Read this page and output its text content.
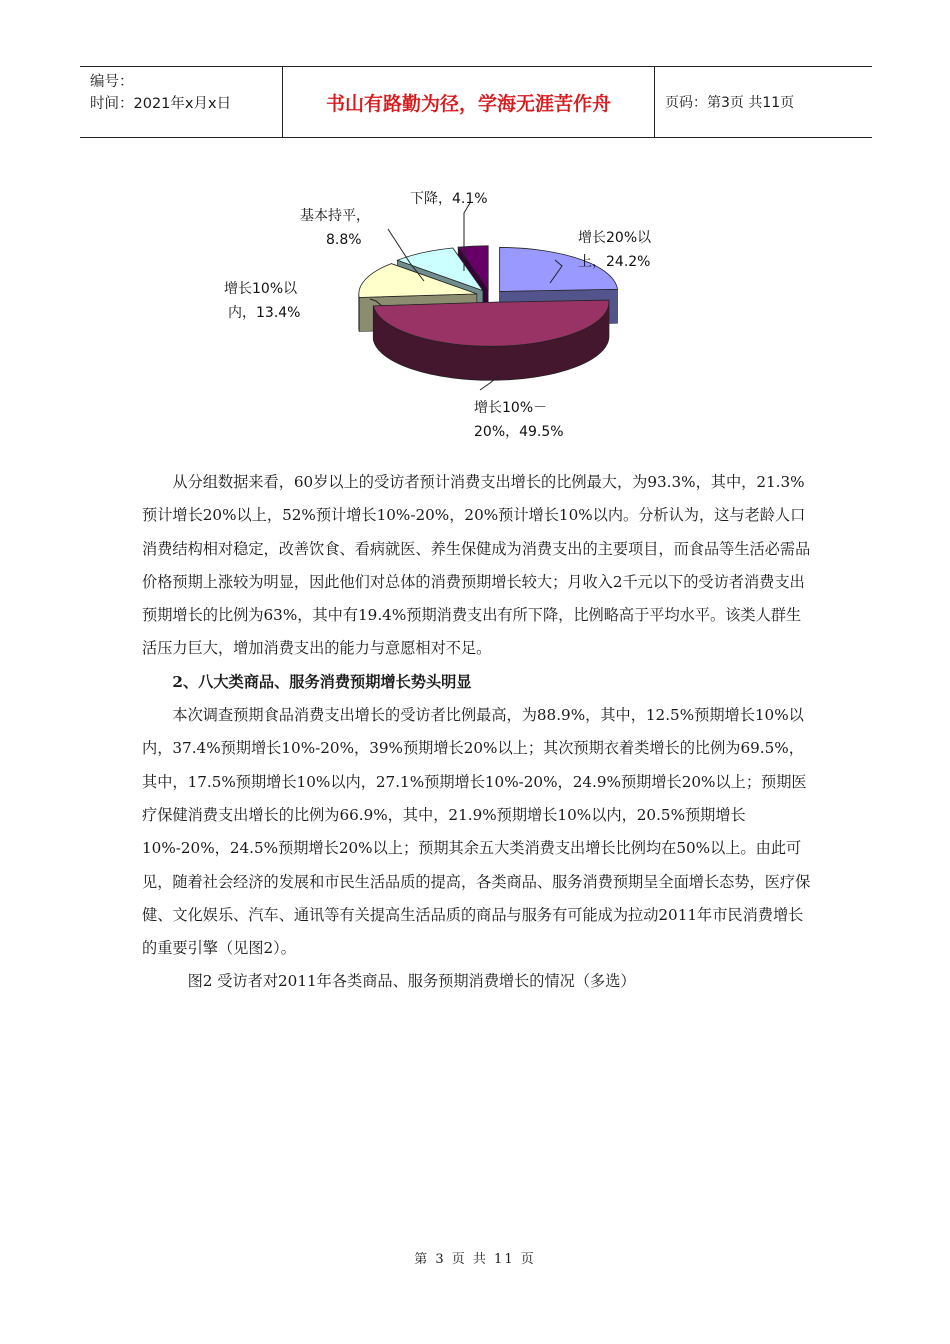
编号：
时间：2021年x月x日	书山有路勤为径，学海无涯苦作舟	页码：第3页 共11页
增长20%以
上，24.2%
增长10%－
20%，49.5%
增长10%以
内，13.4%
基本持平，
8.8%
下降，4.1%

从分组数据来看，60岁以上的受访者预计消费支出增长的比例最大，为93.3%，其中，21.3%预计增长20%以上，52%预计增长10%-20%，20%预计增长10%以内。分析认为，这与老龄人口消费结构相对稳定，改善饮食、看病就医、养生保健成为消费支出的主要项目，而食品等生活必需品价格预期上涨较为明显，因此他们对总体的消费预期增长较大；月收入2千元以下的受访者消费支出预期增长的比例为63%，其中有19.4%预期消费支出有所下降，比例略高于平均水平。该类人群生活压力巨大，增加消费支出的能力与意愿相对不足。

2、八大类商品、服务消费预期增长势头明显

本次调查预期食品消费支出增长的受访者比例最高，为88.9%，其中，12.5%预期增长10%以内，37.4%预期增长10%-20%，39%预期增长20%以上；其次预期衣着类增长的比例为69.5%，其中，17.5%预期增长10%以内，27.1%预期增长10%-20%，24.9%预期增长20%以上；预期医疗保健消费支出增长的比例为66.9%，其中，21.9%预期增长10%以内，20.5%预期增长10%-20%，24.5%预期增长20%以上；预期其余五大类消费支出增长比例均在50%以上。由此可见，随着社会经济的发展和市民生活品质的提高，各类商品、服务消费预期呈全面增长态势，医疗保健、文化娱乐、汽车、通讯等有关提高生活品质的商品与服务有可能成为拉动2011年市民消费增长的重要引擎（见图2）。

图2 受访者对2011年各类商品、服务预期消费增长的情况（多选）

第 3 页 共 11 页
